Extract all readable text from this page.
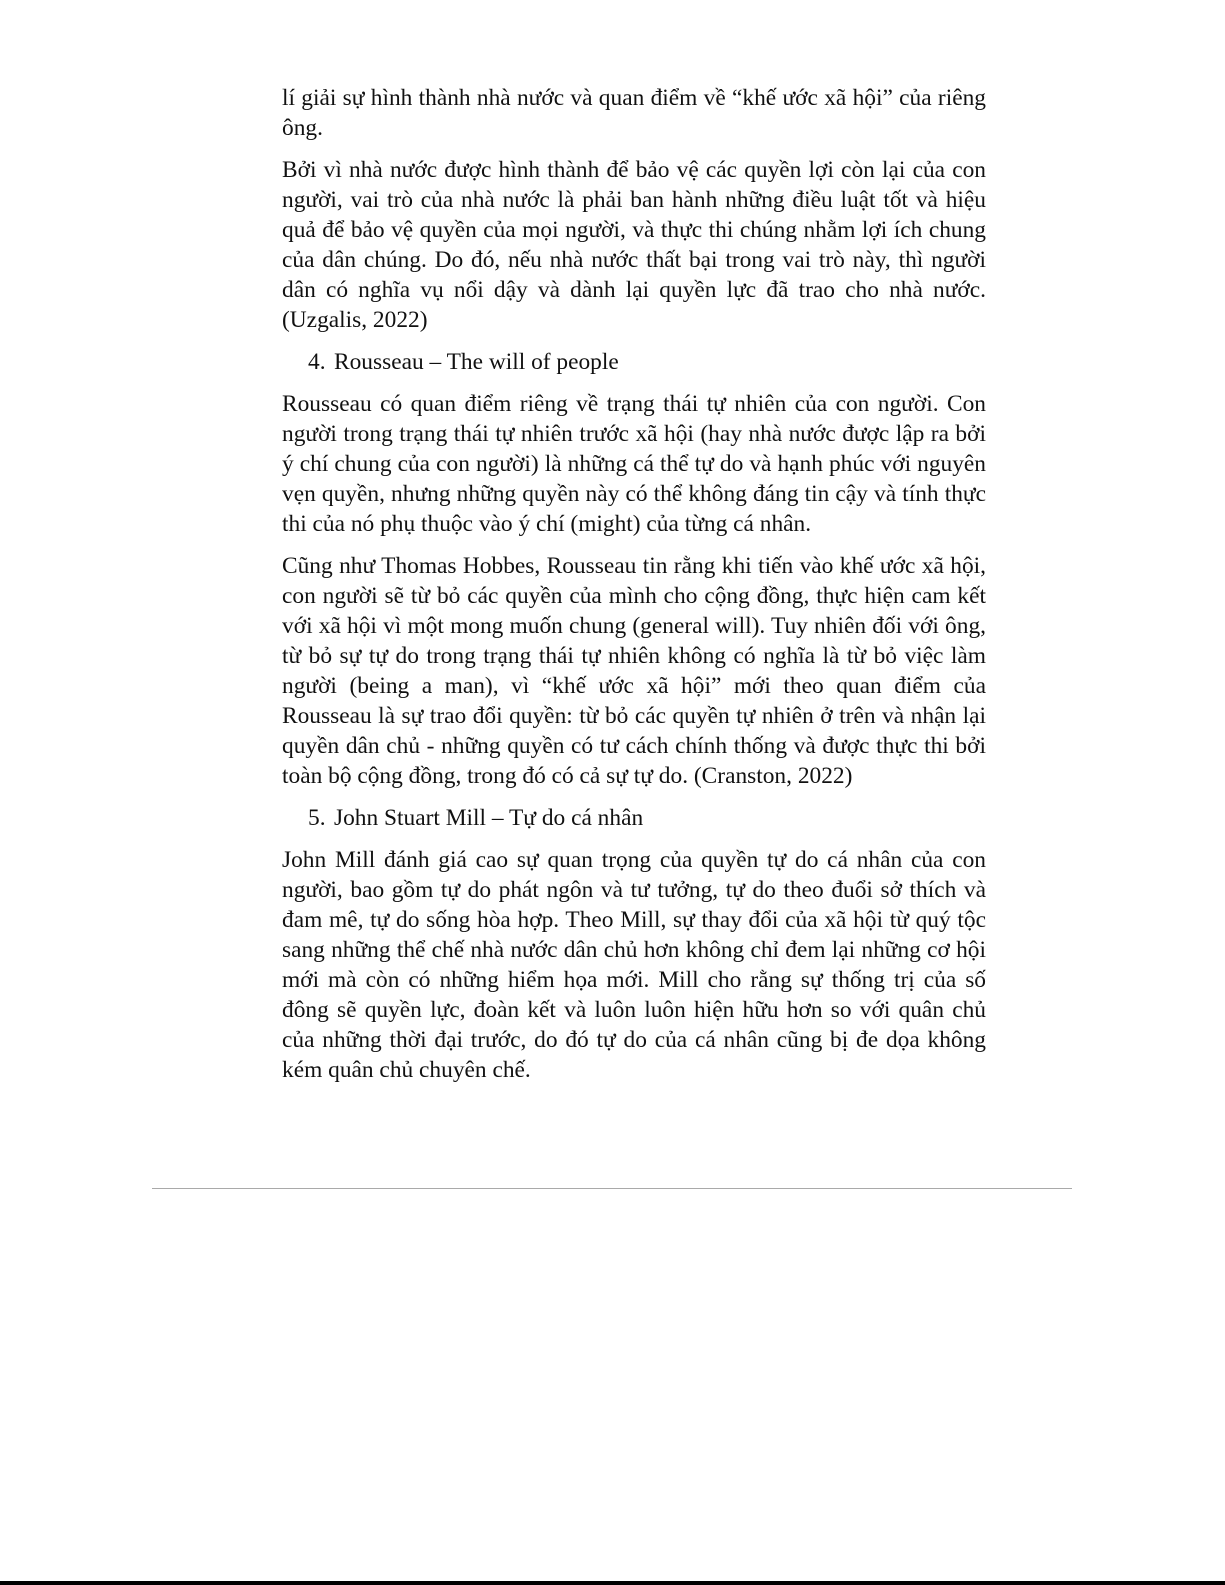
lí giải sự hình thành nhà nước và quan điểm về “khế ước xã hội” của riêng ông.

Bởi vì nhà nước được hình thành để bảo vệ các quyền lợi còn lại của con người, vai trò của nhà nước là phải ban hành những điều luật tốt và hiệu quả để bảo vệ quyền của mọi người, và thực thi chúng nhằm lợi ích chung của dân chúng. Do đó, nếu nhà nước thất bại trong vai trò này, thì người dân có nghĩa vụ nổi dậy và dành lại quyền lực đã trao cho nhà nước. (Uzgalis, 2022)

4. Rousseau – The will of people

Rousseau có quan điểm riêng về trạng thái tự nhiên của con người. Con người trong trạng thái tự nhiên trước xã hội (hay nhà nước được lập ra bởi ý chí chung của con người) là những cá thể tự do và hạnh phúc với nguyên vẹn quyền, nhưng những quyền này có thể không đáng tin cậy và tính thực thi của nó phụ thuộc vào ý chí (might) của từng cá nhân.

Cũng như Thomas Hobbes, Rousseau tin rằng khi tiến vào khế ước xã hội, con người sẽ từ bỏ các quyền của mình cho cộng đồng, thực hiện cam kết với xã hội vì một mong muốn chung (general will). Tuy nhiên đối với ông, từ bỏ sự tự do trong trạng thái tự nhiên không có nghĩa là từ bỏ việc làm người (being a man), vì “khế ước xã hội” mới theo quan điểm của Rousseau là sự trao đổi quyền: từ bỏ các quyền tự nhiên ở trên và nhận lại quyền dân chủ - những quyền có tư cách chính thống và được thực thi bởi toàn bộ cộng đồng, trong đó có cả sự tự do. (Cranston, 2022)

5. John Stuart Mill – Tự do cá nhân

John Mill đánh giá cao sự quan trọng của quyền tự do cá nhân của con người, bao gồm tự do phát ngôn và tư tưởng, tự do theo đuổi sở thích và đam mê, tự do sống hòa hợp. Theo Mill, sự thay đổi của xã hội từ quý tộc sang những thể chế nhà nước dân chủ hơn không chỉ đem lại những cơ hội mới mà còn có những hiểm họa mới. Mill cho rằng sự thống trị của số đông sẽ quyền lực, đoàn kết và luôn luôn hiện hữu hơn so với quân chủ của những thời đại trước, do đó tự do của cá nhân cũng bị đe dọa không kém quân chủ chuyên chế.
